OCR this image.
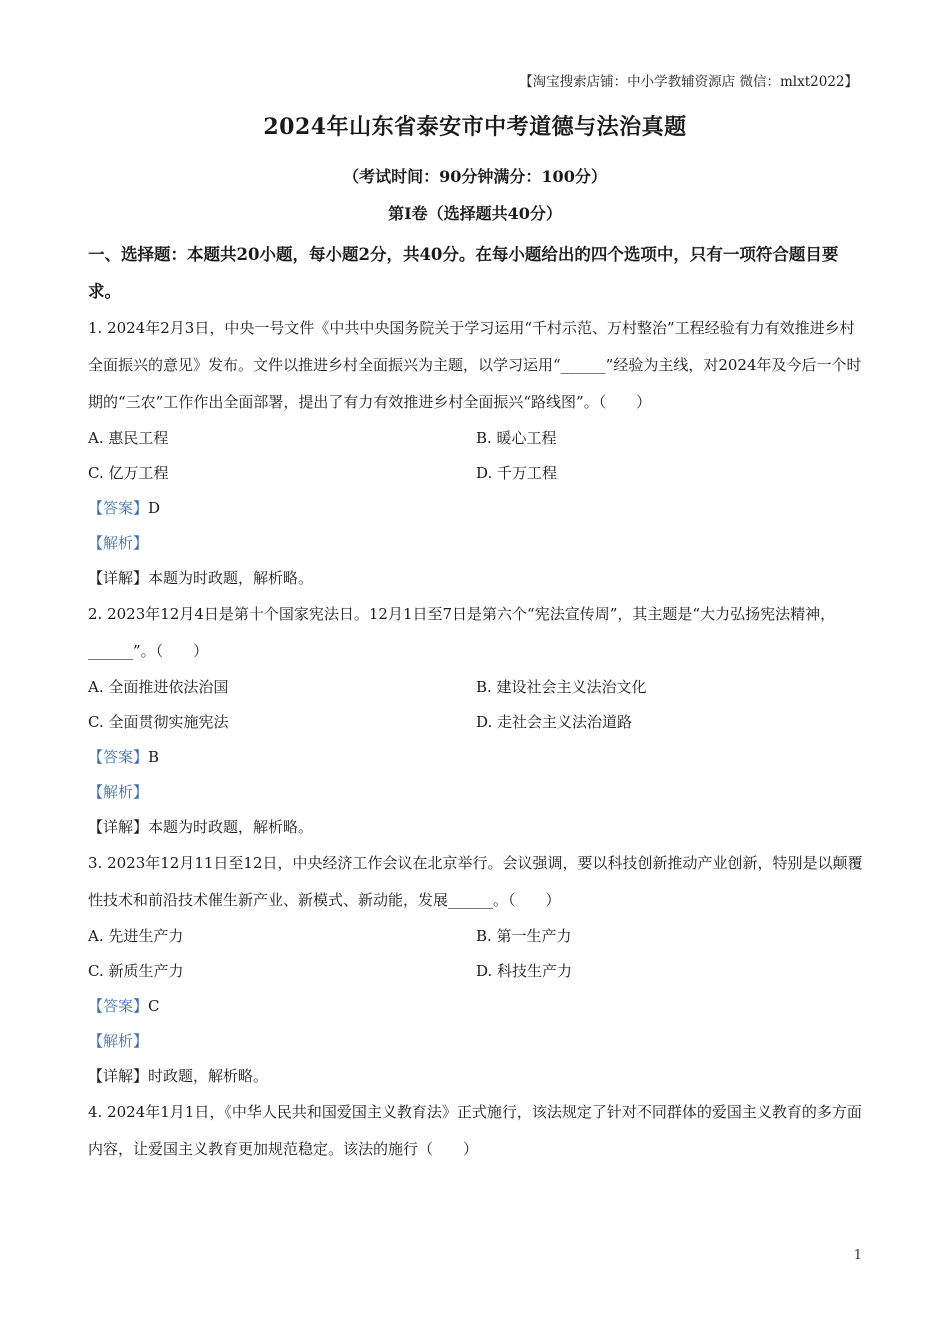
【淘宝搜索店铺：中小学教辅资源店 微信：mlxt2022】
2024年山东省泰安市中考道德与法治真题
（考试时间：90分钟满分：100分）
第Ⅰ卷（选择题共40分）

一、选择题：本题共20小题，每小题2分，共40分。在每小题给出的四个选项中，只有一项符合题目要求。

1. 2024年2月3日，中央一号文件《中共中央国务院关于学习运用“千村示范、万村整治”工程经验有力有效推进乡村全面振兴的意见》发布。文件以推进乡村全面振兴为主题，以学习运用“______”经验为主线，对2024年及今后一个时期的“三农”工作作出全面部署，提出了有力有效推进乡村全面振兴“路线图”。（　　）

A. 惠民工程	B. 暖心工程
C. 亿万工程	D. 千万工程

【答案】D

【解析】

【详解】本题为时政题，解析略。

2. 2023年12月4日是第十个国家宪法日。12月1日至7日是第六个“宪法宣传周”，其主题是“大力弘扬宪法精神，______”。（　　）

A. 全面推进依法治国	B. 建设社会主义法治文化
C. 全面贯彻实施宪法	D. 走社会主义法治道路

【答案】B

【解析】

【详解】本题为时政题，解析略。

3. 2023年12月11日至12日，中央经济工作会议在北京举行。会议强调，要以科技创新推动产业创新，特别是以颠覆性技术和前沿技术催生新产业、新模式、新动能，发展______。（　　）

A. 先进生产力	B. 第一生产力
C. 新质生产力	D. 科技生产力

【答案】C

【解析】

【详解】时政题，解析略。

4. 2024年1月1日，《中华人民共和国爱国主义教育法》正式施行，该法规定了针对不同群体的爱国主义教育的多方面内容，让爱国主义教育更加规范稳定。该法的施行（　　）

1
